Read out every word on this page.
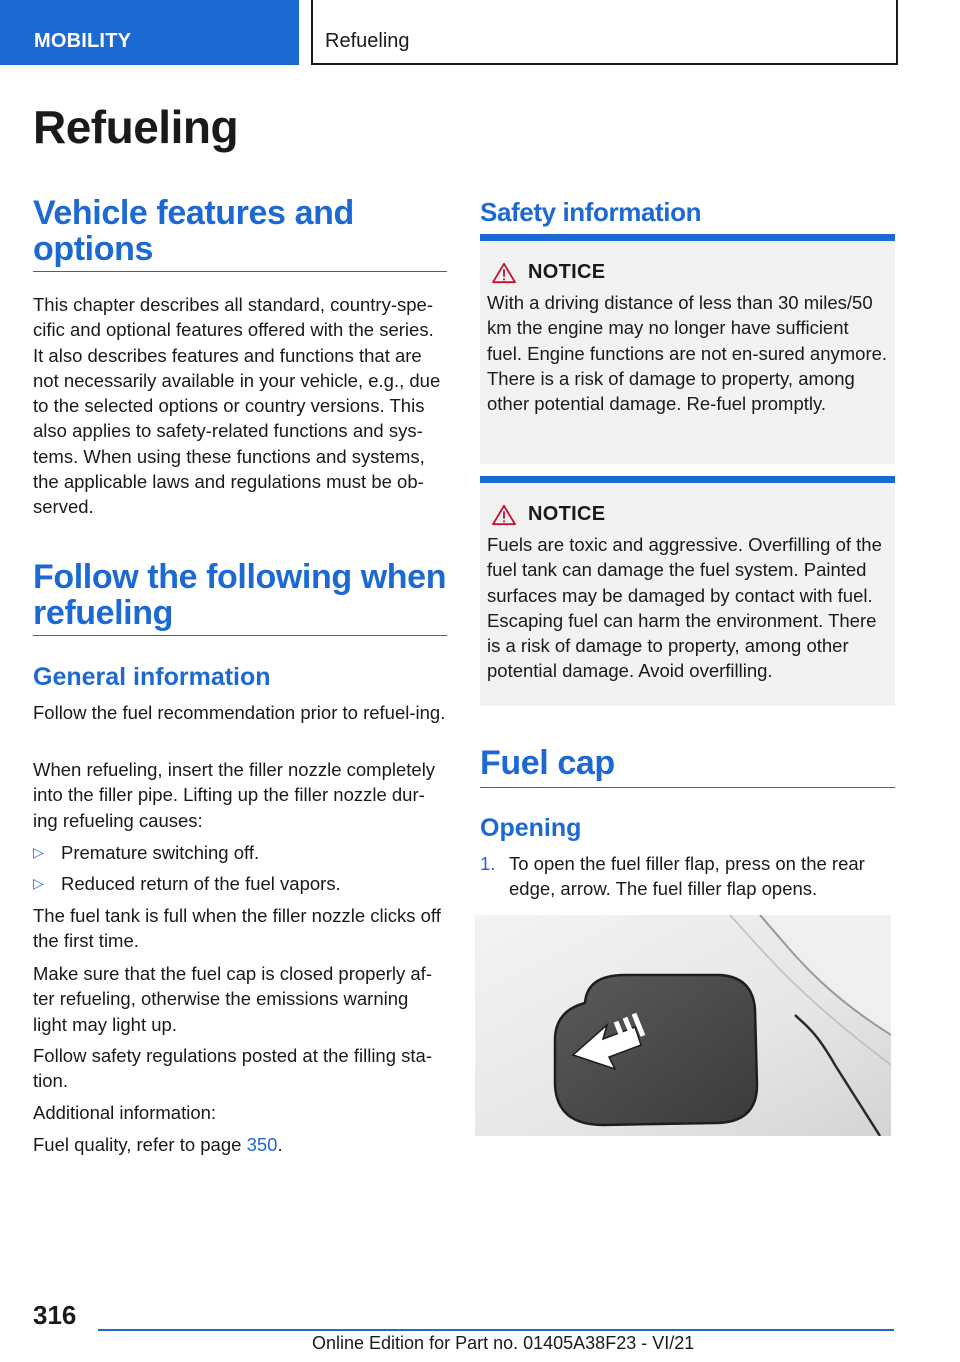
MOBILITY	Refueling
Refueling
Vehicle features and
options

This chapter describes all standard, country-spe-cific and optional features offered with the series. It also describes features and functions that are not necessarily available in your vehicle, e.g., due to the selected options or country versions. This also applies to safety-related functions and sys-tems. When using these functions and systems, the applicable laws and regulations must be ob-served.

Follow the following when
refueling
General information

Follow the fuel recommendation prior to refuel-ing.

When refueling, insert the filler nozzle completely into the filler pipe. Lifting up the filler nozzle dur-ing refueling causes:

▷ Premature switching off.
▷ Reduced return of the fuel vapors.

The fuel tank is full when the filler nozzle clicks off the first time.

Make sure that the fuel cap is closed properly af-ter refueling, otherwise the emissions warning light may light up.

Follow safety regulations posted at the filling sta-tion.

Additional information:

Fuel quality, refer to page 350.

Safety information
NOTICE

With a driving distance of less than 30 miles/50 km the engine may no longer have sufficient fuel. Engine functions are not en-sured anymore. There is a risk of damage to property, among other potential damage. Re-fuel promptly.

NOTICE

Fuels are toxic and aggressive. Overfilling of the fuel tank can damage the fuel system. Painted surfaces may be damaged by contact with fuel. Escaping fuel can harm the environment. There is a risk of damage to property, among other potential damage. Avoid overfilling.

Fuel cap
Opening
1. To open the fuel filler flap, press on the rear edge, arrow. The fuel filler flap opens.
316
Online Edition for Part no. 01405A38F23 - VI/21
